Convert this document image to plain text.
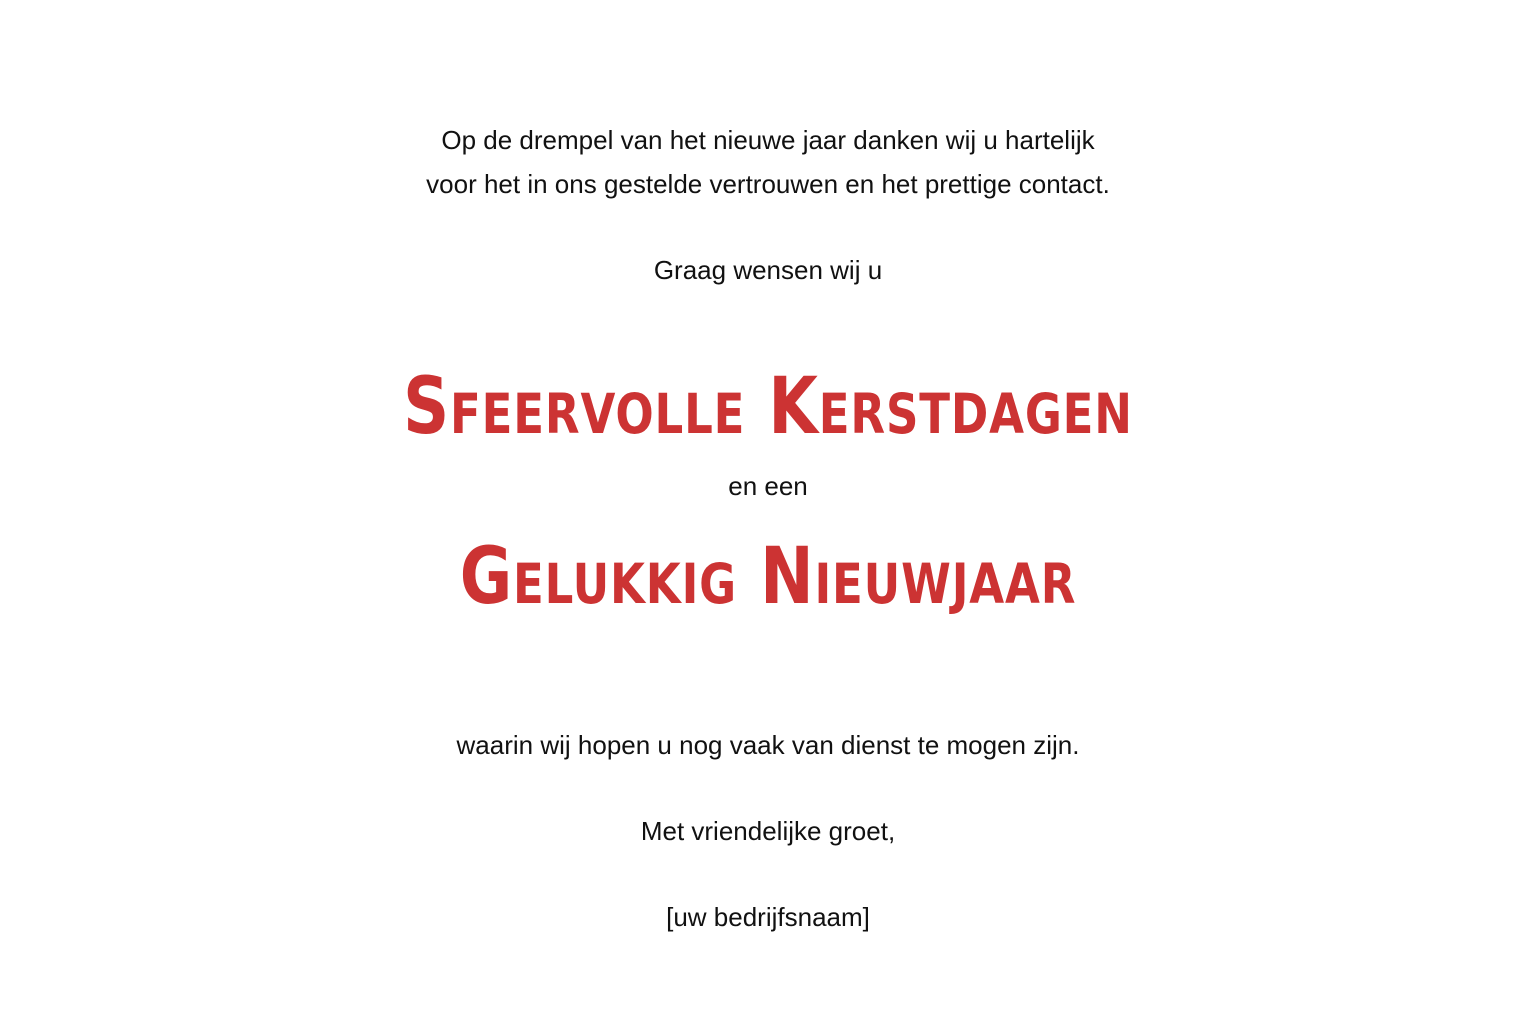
Op de drempel van het nieuwe jaar danken wij u hartelijk
voor het in ons gestelde vertrouwen en het prettige contact.
Graag wensen wij u
Sfeervolle Kerstdagen
en een
Gelukkig Nieuwjaar
waarin wij hopen u nog vaak van dienst te mogen zijn.
Met vriendelijke groet,
[uw bedrijfsnaam]
